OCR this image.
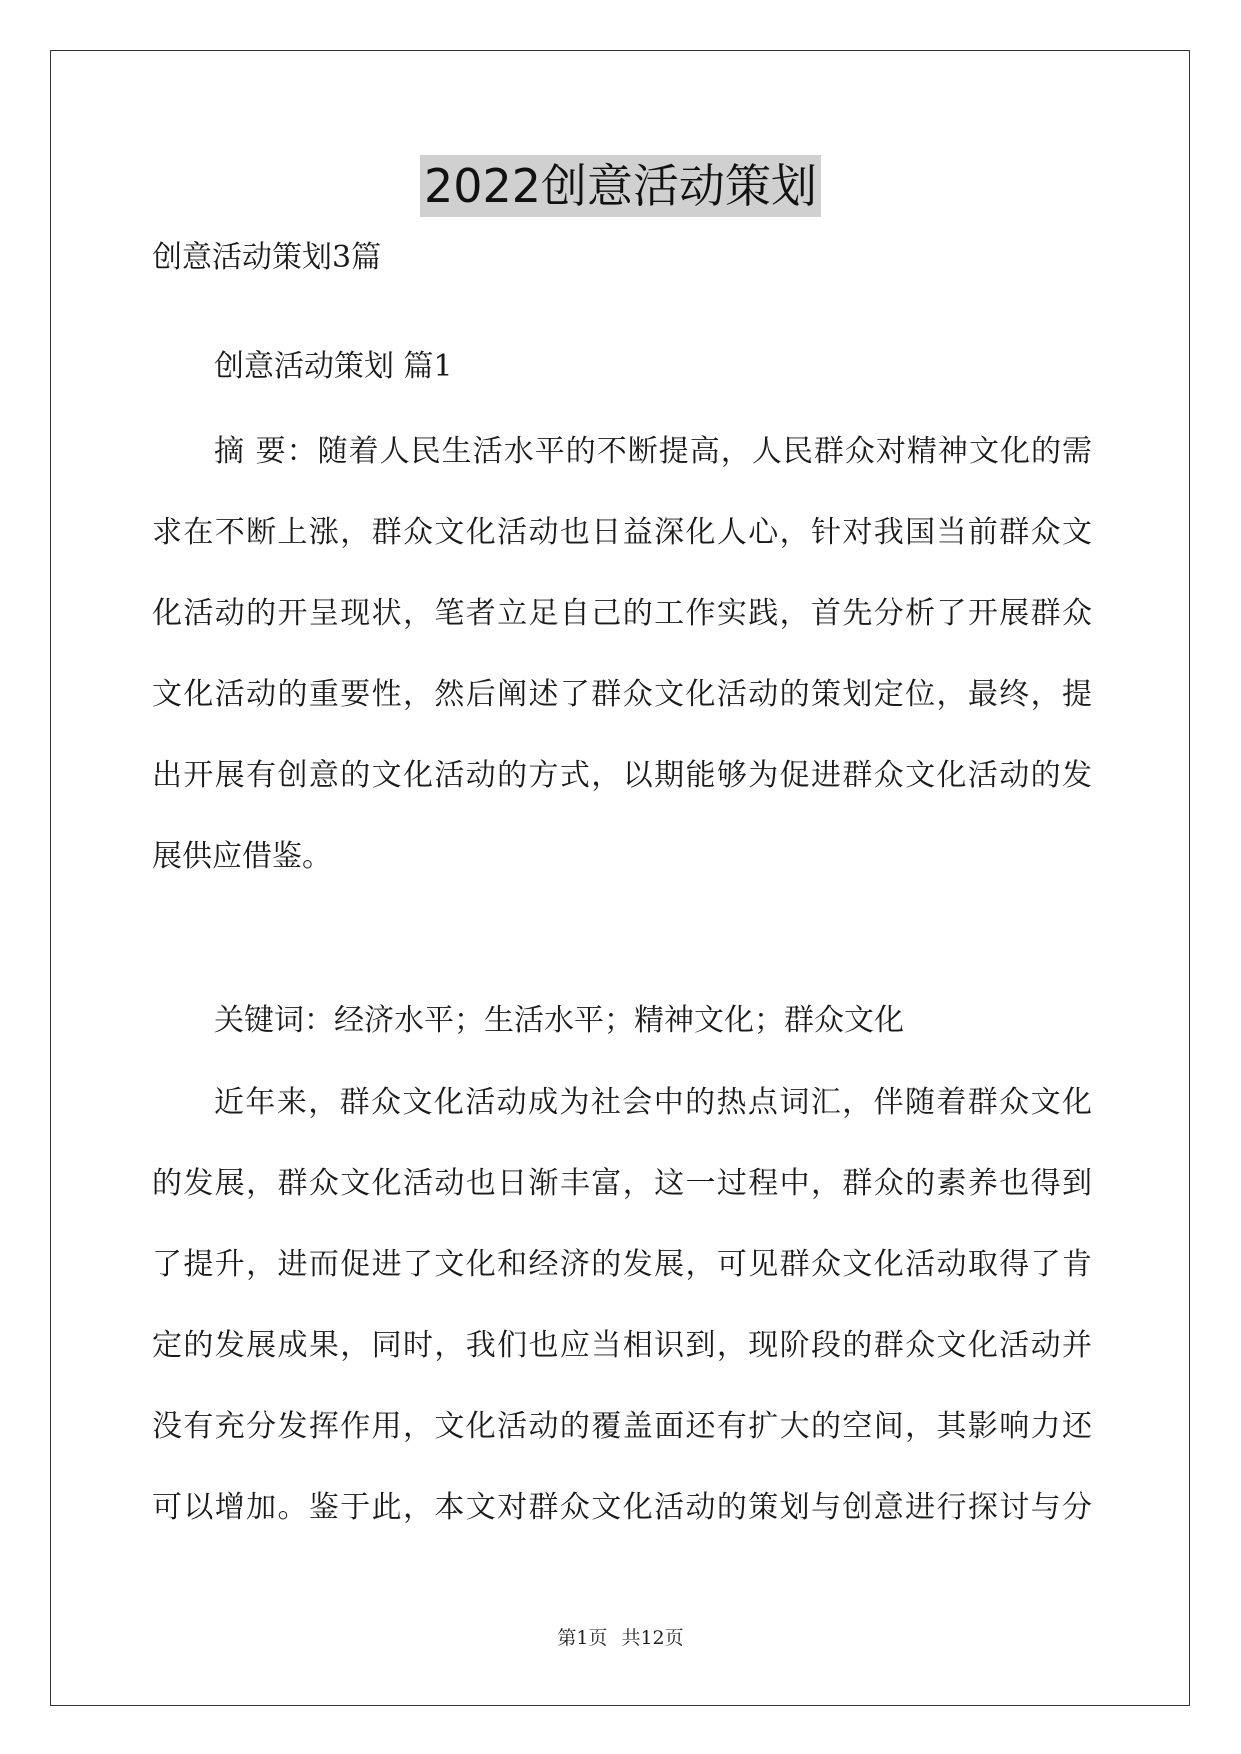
2022创意活动策划
创意活动策划3篇
创意活动策划 篇1
摘 要：随着人民生活水平的不断提高，人民群众对精神文化的需
求在不断上涨，群众文化活动也日益深化人心，针对我国当前群众文
化活动的开呈现状，笔者立足自己的工作实践，首先分析了开展群众
文化活动的重要性，然后阐述了群众文化活动的策划定位，最终，提
出开展有创意的文化活动的方式，以期能够为促进群众文化活动的发
展供应借鉴。
关键词：经济水平；生活水平；精神文化；群众文化
近年来，群众文化活动成为社会中的热点词汇，伴随着群众文化
的发展，群众文化活动也日渐丰富，这一过程中，群众的素养也得到
了提升，进而促进了文化和经济的发展，可见群众文化活动取得了肯
定的发展成果，同时，我们也应当相识到，现阶段的群众文化活动并
没有充分发挥作用，文化活动的覆盖面还有扩大的空间，其影响力还
可以增加。鉴于此，本文对群众文化活动的策划与创意进行探讨与分
第1页 共12页
